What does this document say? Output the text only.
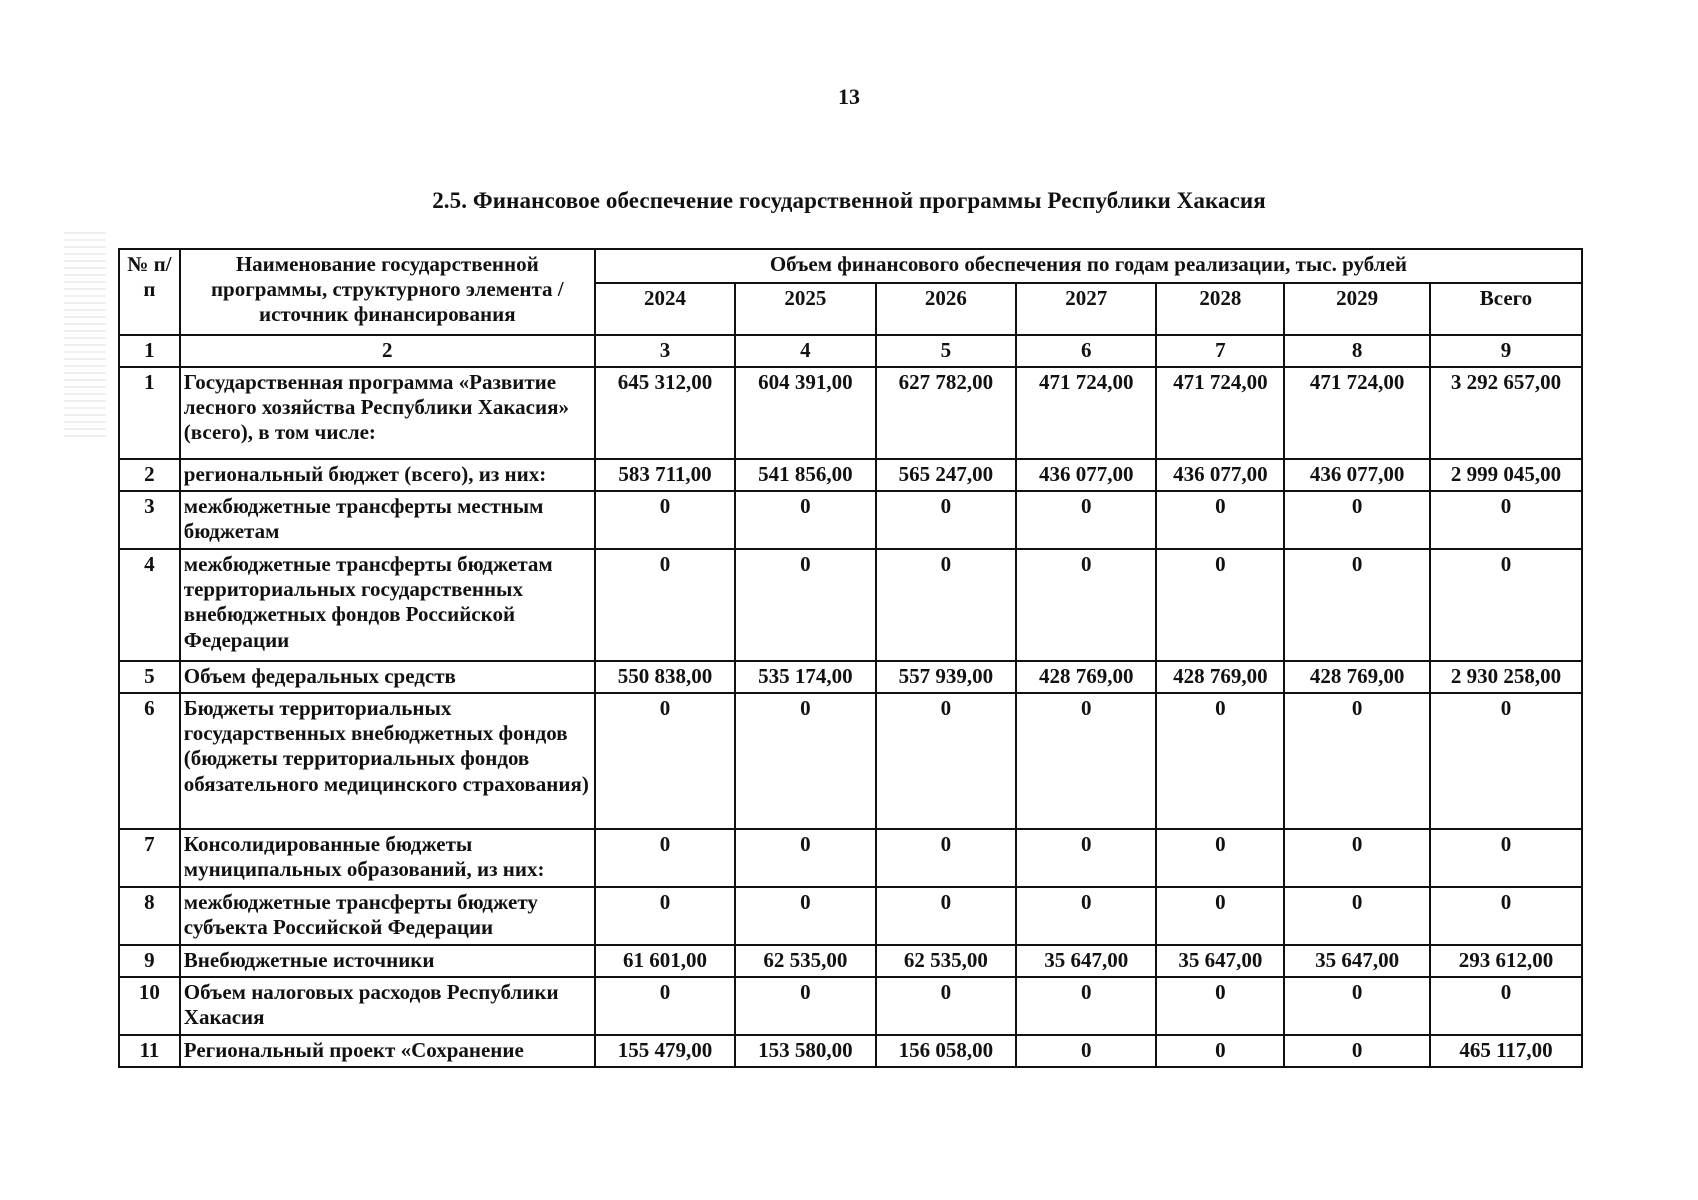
13
2.5. Финансовое обеспечение государственной программы Республики Хакасия
№ п/п	Наименование государственной программы, структурного элемента / источник финансирования	Объем финансового обеспечения по годам реализации, тыс. рублей						
		2024	2025	2026	2027	2028	2029	Всего
1	2	3	4	5	6	7	8	9
1	Государственная программа «Развитие лесного хозяйства Республики Хакасия» (всего), в том числе:	645 312,00	604 391,00	627 782,00	471 724,00	471 724,00	471 724,00	3 292 657,00
2	региональный бюджет (всего), из них:	583 711,00	541 856,00	565 247,00	436 077,00	436 077,00	436 077,00	2 999 045,00
3	межбюджетные трансферты местным бюджетам	0	0	0	0	0	0	0
4	межбюджетные трансферты бюджетам территориальных государственных внебюджетных фондов Российской Федерации	0	0	0	0	0	0	0
5	Объем федеральных средств	550 838,00	535 174,00	557 939,00	428 769,00	428 769,00	428 769,00	2 930 258,00
6	Бюджеты территориальных государственных внебюджетных фондов (бюджеты территориальных фондов обязательного медицинского страхования)	0	0	0	0	0	0	0
7	Консолидированные бюджеты муниципальных образований, из них:	0	0	0	0	0	0	0
8	межбюджетные трансферты бюджету субъекта Российской Федерации	0	0	0	0	0	0	0
9	Внебюджетные источники	61 601,00	62 535,00	62 535,00	35 647,00	35 647,00	35 647,00	293 612,00
10	Объем налоговых расходов Республики Хакасия	0	0	0	0	0	0	0
11	Региональный проект «Сохранение	155 479,00	153 580,00	156 058,00	0	0	0	465 117,00
